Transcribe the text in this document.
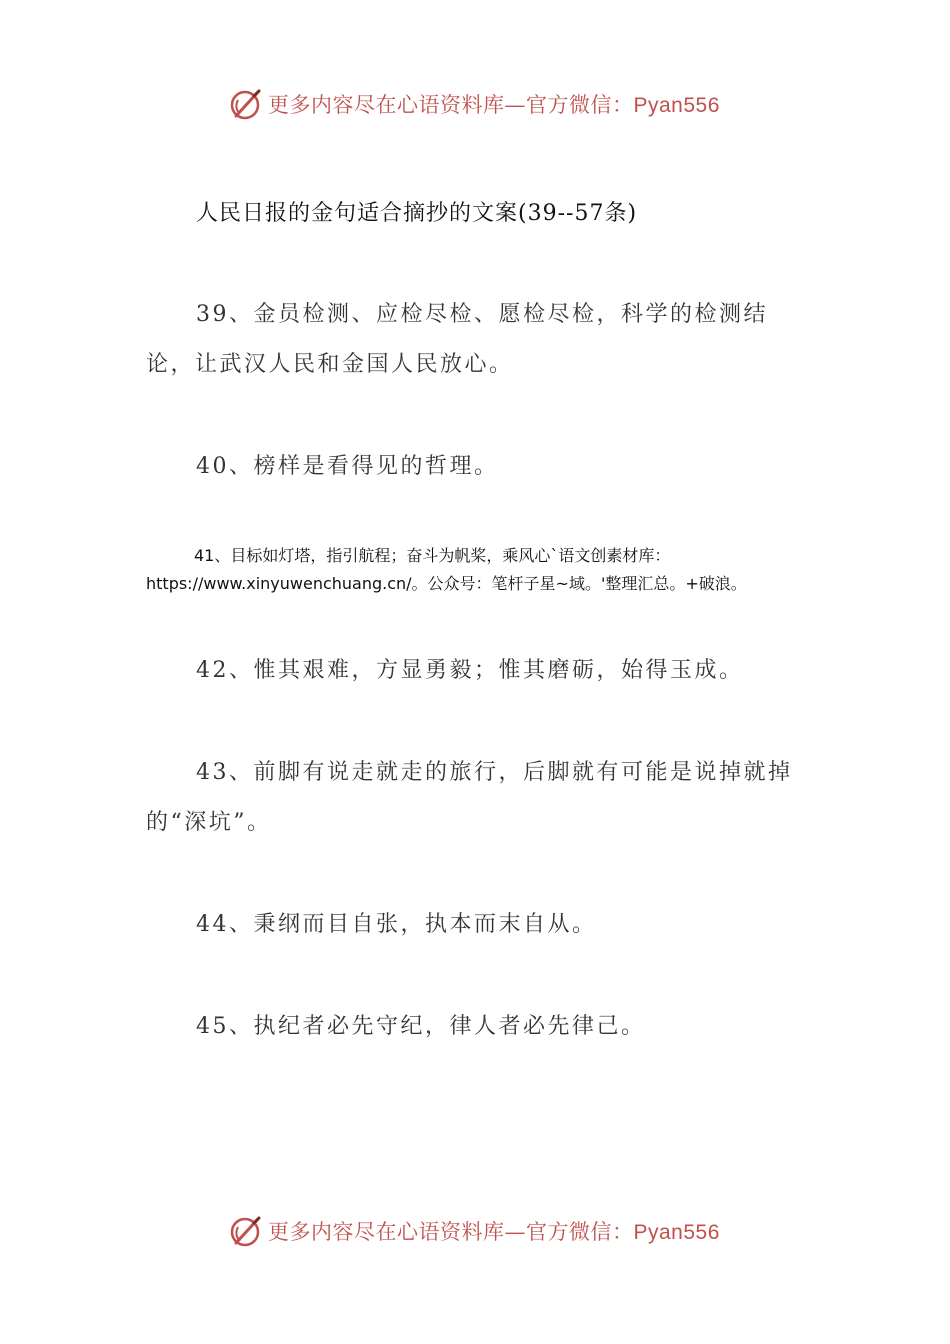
更多内容尽在心语资料库—官方微信：Pyan556
人民日报的金句适合摘抄的文案(39--57条)
39、金员检测、应检尽检、愿检尽检，科学的检测结论，让武汉人民和金国人民放心。
40、榜样是看得见的哲理。
41、目标如灯塔，指引航程；奋斗为帆桨，乘风心`语文创素材库：
https://www.xinyuwenchuang.cn/。公众号：笔杆子星~域。'整理汇总。+破浪。
42、惟其艰难，方显勇毅；惟其磨砺，始得玉成。
43、前脚有说走就走的旅行，后脚就有可能是说掉就掉的“深坑”。
44、秉纲而目自张，执本而末自从。
45、执纪者必先守纪，律人者必先律己。
更多内容尽在心语资料库—官方微信：Pyan556
